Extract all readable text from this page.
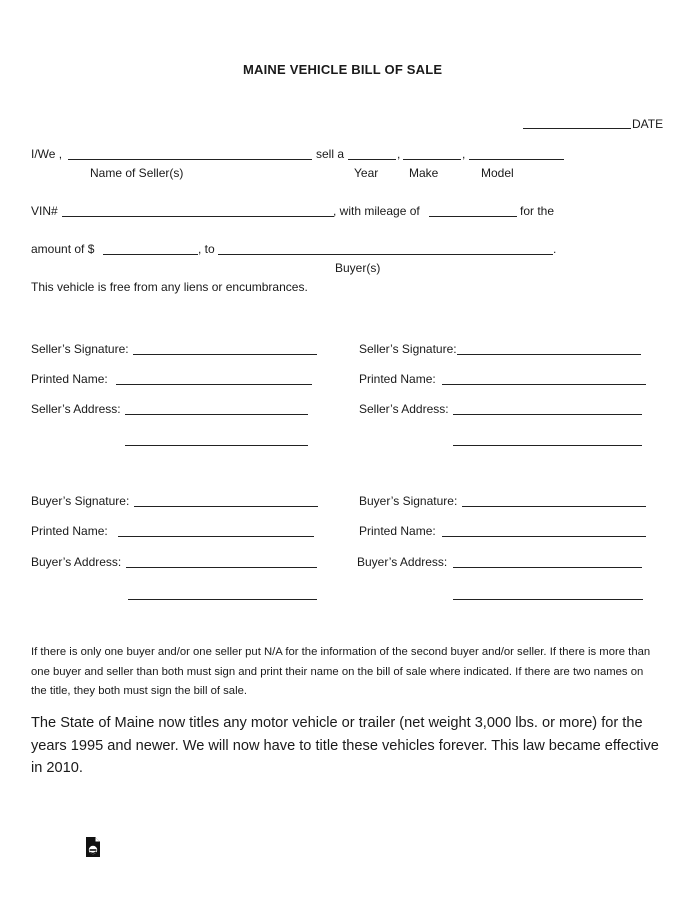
MAINE VEHICLE BILL OF SALE
DATE
I/We ,	sell a	,	,
Name of Seller(s)	Year	Make	Model
VIN#	, with mileage of	for the
amount of $	, to	.
Buyer(s)
This vehicle is free from any liens or encumbrances.
Seller’s Signature:
Printed Name:
Seller’s Address:
Seller’s Signature:
Printed Name:
Seller’s Address:
Buyer’s Signature:
Printed Name:
Buyer’s Address:
Buyer’s Signature:
Printed Name:
Buyer’s Address:
If there is only one buyer and/or one seller put N/A for the information of the second buyer and/or seller. If there is more than one buyer and seller than both must sign and print their name on the bill of sale where indicated. If there are two names on the title, they both must sign the bill of sale.
The State of Maine now titles any motor vehicle or trailer (net weight 3,000 lbs. or more) for the years 1995 and newer. We will now have to title these vehicles forever. This law became effective in 2010.
